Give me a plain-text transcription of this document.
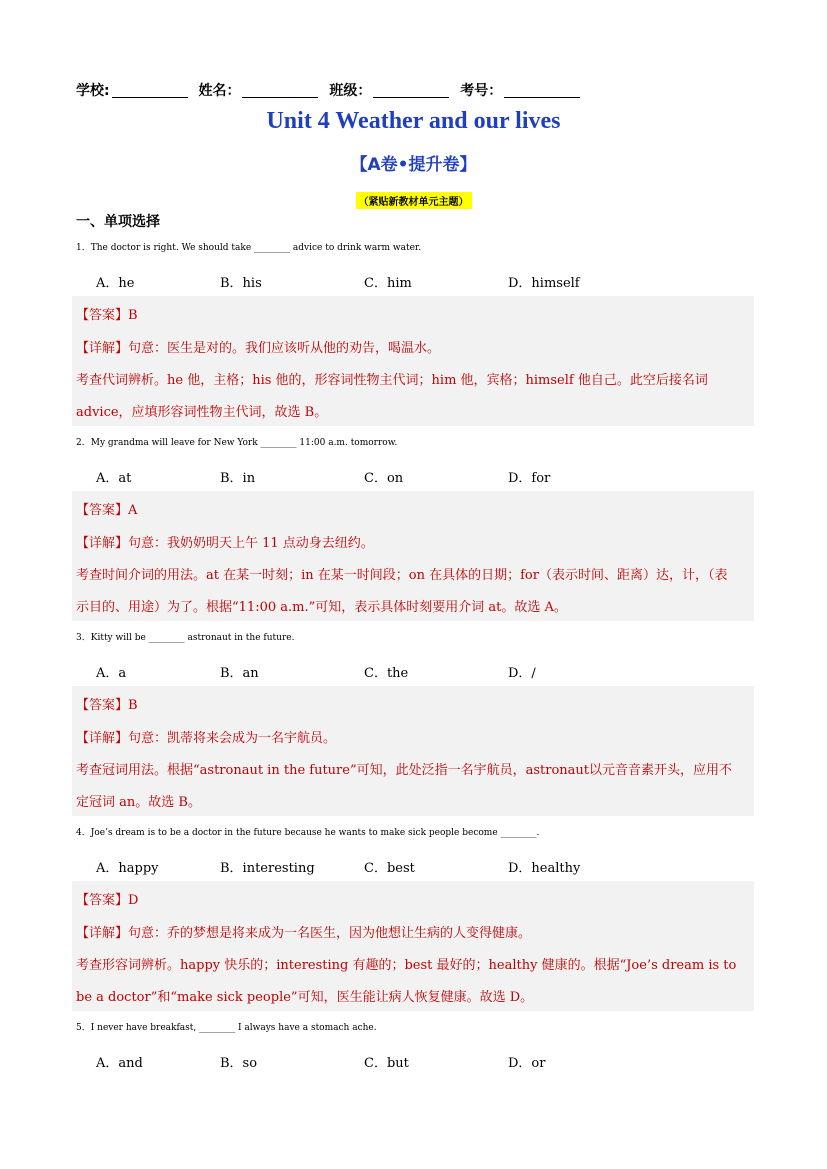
学校:	姓名：	班级：	考号：
Unit 4 Weather and our lives
【A卷•提升卷】
（紧贴新教材单元主题）
一、单项选择
1．The doctor is right. We should take ________ advice to drink warm water.
A．he	B．his	C．him	D．himself
【答案】B
【详解】句意：医生是对的。我们应该听从他的劝告，喝温水。
考查代词辨析。he 他，主格；his 他的，形容词性物主代词；him 他，宾格；himself 他自己。此空后接名词
advice，应填形容词性物主代词，故选 B。
2．My grandma will leave for New York ________ 11:00 a.m. tomorrow.
A．at	B．in	C．on	D．for
【答案】A
【详解】句意：我奶奶明天上午 11 点动身去纽约。
考查时间介词的用法。at 在某一时刻；in 在某一时间段；on 在具体的日期；for（表示时间、距离）达，计，（表
示目的、用途）为了。根据“11:00 a.m.”可知，表示具体时刻要用介词 at。故选 A。
3．Kitty will be ________ astronaut in the future.
A．a	B．an	C．the	D．/
【答案】B
【详解】句意：凯蒂将来会成为一名宇航员。
考查冠词用法。根据“astronaut in the future”可知，此处泛指一名宇航员，astronaut以元音音素开头，应用不
定冠词 an。故选 B。
4．Joe’s dream is to be a doctor in the future because he wants to make sick people become ________.
A．happy	B．interesting	C．best	D．healthy
【答案】D
【详解】句意：乔的梦想是将来成为一名医生，因为他想让生病的人变得健康。
考查形容词辨析。happy 快乐的；interesting 有趣的；best 最好的；healthy 健康的。根据“Joe’s dream is to
be a doctor”和“make sick people”可知，医生能让病人恢复健康。故选 D。
5．I never have breakfast, ________ I always have a stomach ache.
A．and	B．so	C．but	D．or
